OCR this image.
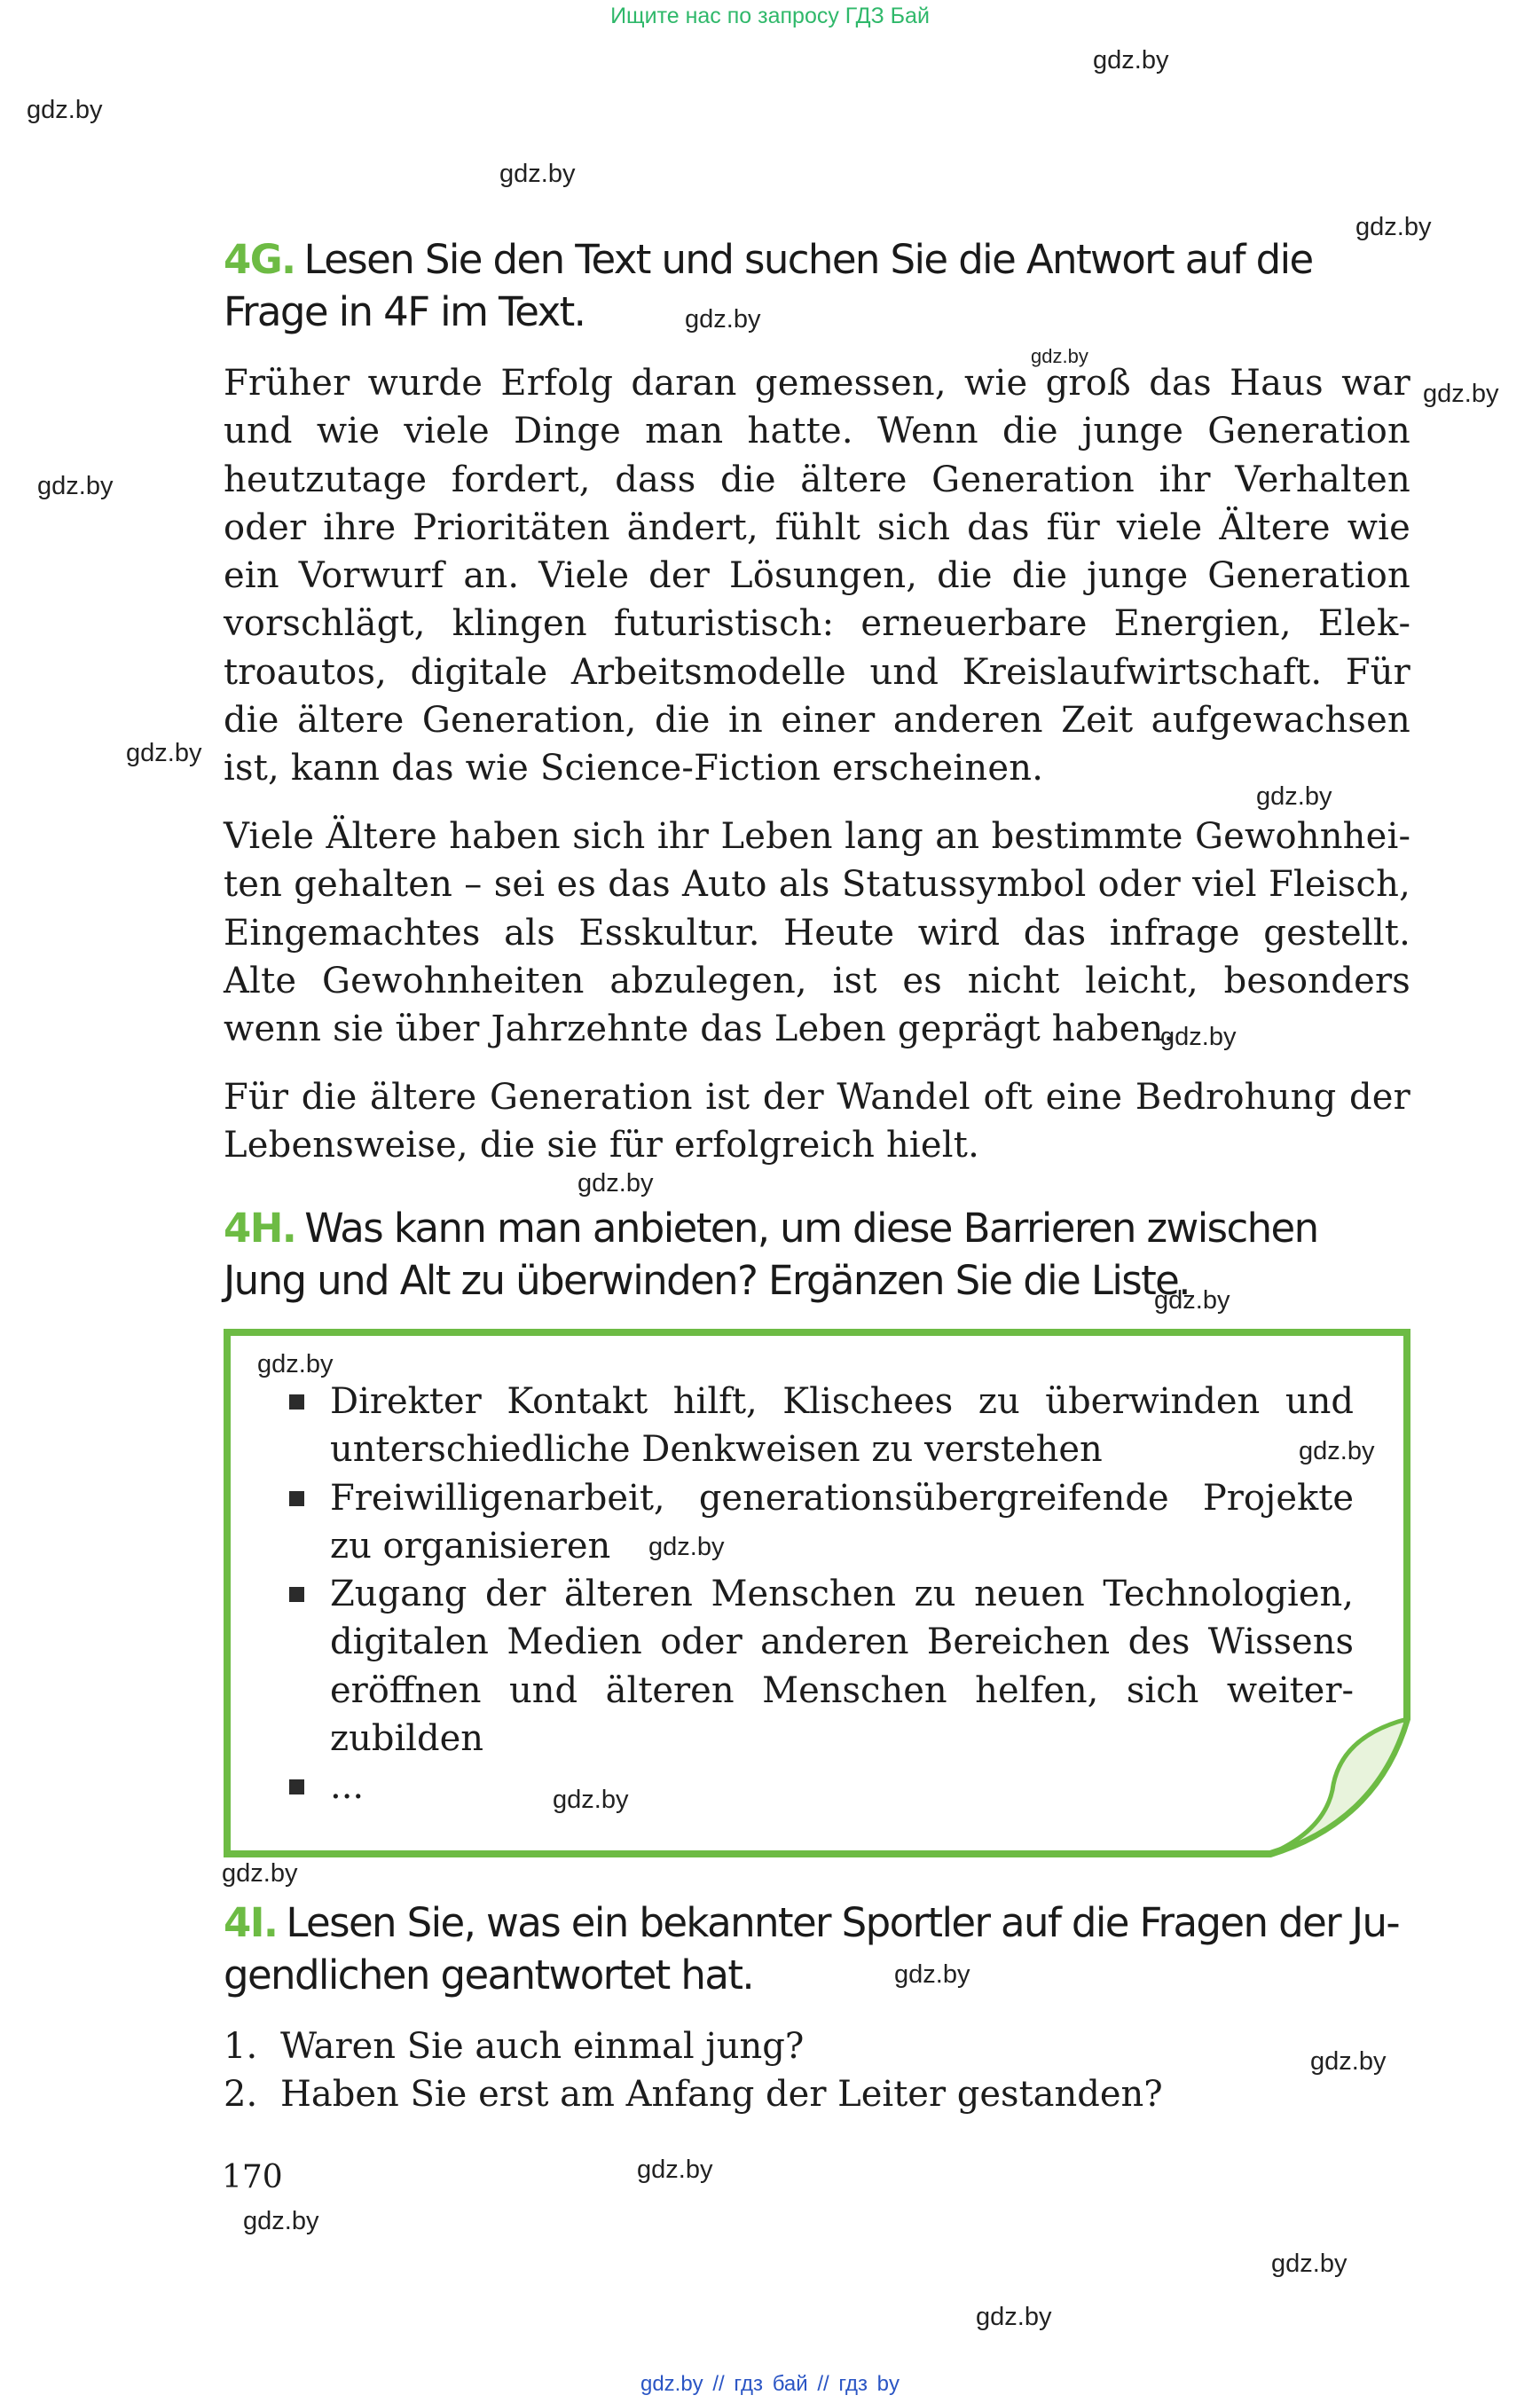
Ищите нас по запросу ГДЗ Бай
gdz.by
gdz.by
gdz.by
gdz.by
gdz.by
gdz.by
gdz.by
gdz.by
gdz.by
gdz.by
gdz.by
gdz.by
gdz.by
gdz.by
gdz.by
gdz.by
gdz.by
gdz.by
gdz.by
gdz.by
gdz.by
gdz.by
gdz.by
gdz.by
4G. Lesen Sie den Text und suchen Sie die Antwort auf die Frage in 4F im Text.
Früher wurde Erfolg daran gemessen, wie groß das Haus war und wie viele Dinge man hatte. Wenn die junge Generation heutzutage fordert, dass die ältere Generation ihr Verhalten oder ihre Prioritäten ändert, fühlt sich das für viele Ältere wie ein Vorwurf an. Viele der Lösungen, die die junge Generation vorschlägt, klingen futuristisch: erneuerbare Energien, Elektroautos, digitale Arbeitsmodelle und Kreislaufwirtschaft. Für die ältere Generation, die in einer anderen Zeit aufgewachsen ist, kann das wie Science-Fiction erscheinen.
Viele Ältere haben sich ihr Leben lang an bestimmte Gewohnheiten gehalten – sei es das Auto als Statussymbol oder viel Fleisch, Eingemachtes als Esskultur. Heute wird das infrage gestellt. Alte Gewohnheiten abzulegen, ist es nicht leicht, besonders wenn sie über Jahrzehnte das Leben geprägt haben.
Für die ältere Generation ist der Wandel oft eine Bedrohung der Lebensweise, die sie für erfolgreich hielt.
4H. Was kann man anbieten, um diese Barrieren zwischen Jung und Alt zu überwinden? Ergänzen Sie die Liste.
Direkter Kontakt hilft, Klischees zu überwinden und unterschiedliche Denkweisen zu verstehen
Freiwilligenarbeit, generationsübergreifende Projekte zu organisieren
Zugang der älteren Menschen zu neuen Technologien, digitalen Medien oder anderen Bereichen des Wissens eröffnen und älteren Menschen helfen, sich weiterzubilden
...
4I. Lesen Sie, was ein bekannter Sportler auf die Fragen der Jugendlichen geantwortet hat.
1. Waren Sie auch einmal jung?
2. Haben Sie erst am Anfang der Leiter gestanden?
170
gdz.by // гдз бай // гдз by
